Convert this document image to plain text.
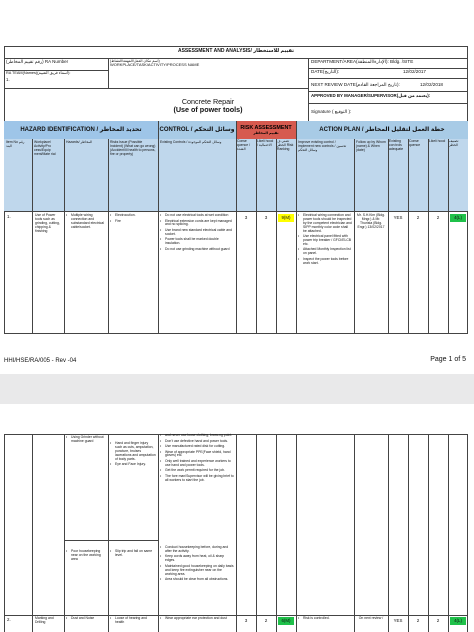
ASSESSMENT AND ANALYSIS/ تقييم للاستخطار
(رقم تقييم المخاطر) RA Number	(اسم مكان العمل/المهمة/النشاط)
WORKPLACE/TASK/ACTIVITY/PROCESS NAME
DEPARTMENT/AREA(الإدارة/المنطقة): Bldg. /SITE
DATE(التاريخ):	12/02/2017
RA TEAM(Names)(أسماء فريق التقييم):
1.
NEXT REVIEW DATE(تاريخ المراجعة القادم):	12/02/2018
APPROVED BY MANAGER/SUPERVISOR(يعتمد من قبل):
Signature ( التوقيع ):
Concrete Repair
(Use of power tools)
HAZARD IDENTIFICATION / تحديد المخاطر	CONTROL / وسائل التحكم RISK ASSESSMENT
تقييم المخاطر
ACTION PLAN / خطة العمل لتقليل المخاطر
Item No رقم البند
Workplace/ Activity/Pro cess/Equip ment/Mate rial
Hazards/ المخاطر	Risks Issue (Possible Incident) (What can go wrong) (Accident/Ill health to persons, fire or property)
Existing Controls / وسائل التحكم الموجودة	Conse quence / الشدة
Likeli hood / الاحتمالية
تصني ف الخطر Risk Ranking
Improve existing control / implement new controls / تحسين وسائل التحكم
Follow up by Whom (name) & When (date)
Existing con trols adequate
Conse quence
Likeli hood	تصنيف الخطر
1.	Use of Power tools such as grinding, cutting, chipping & finishing
• Multiple wiring connection and substandard electrical cable/socket.
• Electrocution.
• Fire
• Do not use electrical tools at wet condition
• Electrical extension cords are kept managed and no splicing.
• Use brand new standard electrical cable and socket.
• Power tools shall be marked double insulation.
• Do not use grinding machine without guard
3	3	9(M)
• Electrical wiring connection and power tools should be inspected by the competent electrician and SIPP monthly color code shall be attached.
• Use electrical panel fitted with power trip breaker / GFCI/ELCB etc.
• Attached Monthly Inspection list on panel.
• Inspect the power tools before work start.
Mr. S.H.Kim (Bldg. Mngr.) & Mr. Thurista (Bldg. Engr.) 13/02/2017
YES	2	2	4(L)
HHI/HSE/RA/005 - Rev -04	Page 1 of 5
• Using Grinder without machine guard
• Hand and finger injury such as cuts, amputation, puncture, bruises lacerations and amputation of body parts.
• Eye and Face Injury.
• and never use loose clothing, know-ng point.
• Don't use defective hand and power tools.
• Use manufactured rated disk for cutting.
• Wear of appropriate PPE(Face shield, hand gloves) etc.
• Only well trained and experience workers to use hand and power tools.
• Get the work permit required for the job.
• The fore man/Supervisor will be giving brief to all workers to start the job.
• Poor housekeeping near on the working area
• Slip trip and fall on same level.
• Conduct housekeeping before, during and after the activity.
• Keep cords away from heat, oil & sharp edges.
• Maintained good housekeeping on daily basis and keep fire extinguisher near on the working area.
• Area should be clear from all obstructions.
3	2	6(M)
• Risk is controlled.	On next review /
YES	2	2	4(L)
2.	Marking and Drilling
• Dust and Noise
•	Loose of hearing and health
• Wear appropriate ear protection and dust
